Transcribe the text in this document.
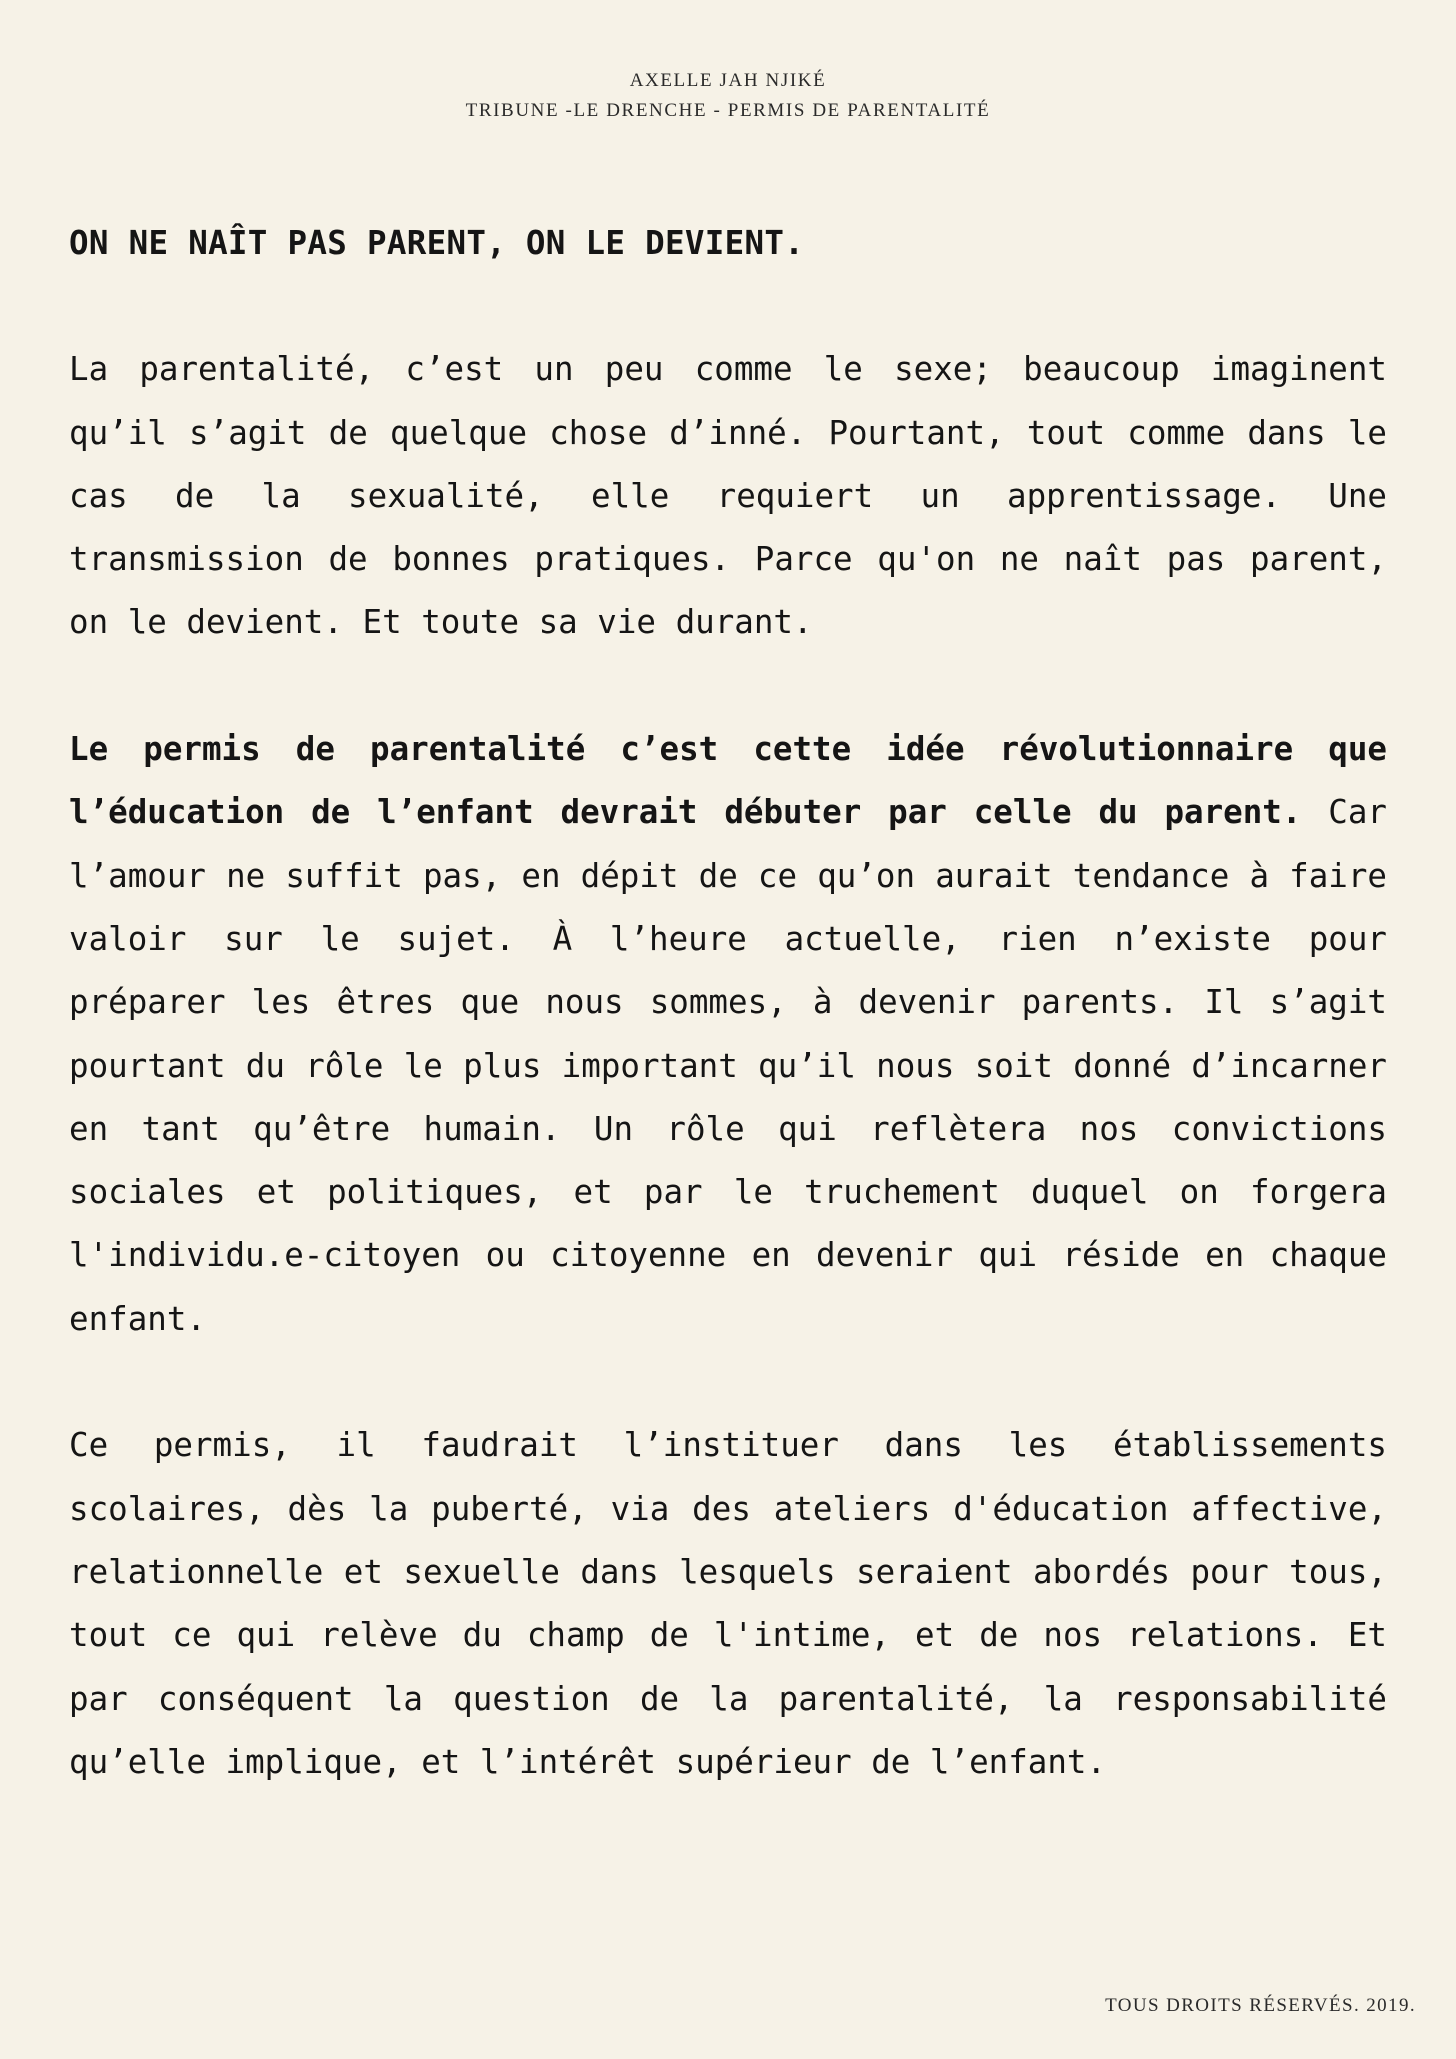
AXELLE JAH NJIKÉ
TRIBUNE -LE DRENCHE - PERMIS DE PARENTALITÉ
ON NE NAÎT PAS PARENT, ON LE DEVIENT.
La parentalité, c’est un peu comme le sexe; beaucoup imaginent qu’il s’agit de quelque chose d’inné. Pourtant, tout comme dans le cas de la sexualité, elle requiert un apprentissage. Une transmission de bonnes pratiques. Parce qu'on ne naît pas parent, on le devient. Et toute sa vie durant.
Le permis de parentalité c’est cette idée révolutionnaire que l’éducation de l’enfant devrait débuter par celle du parent. Car l’amour ne suffit pas, en dépit de ce qu’on aurait tendance à faire valoir sur le sujet. À l’heure actuelle, rien n’existe pour préparer les êtres que nous sommes, à devenir parents. Il s’agit pourtant du rôle le plus important qu’il nous soit donné d’incarner en tant qu’être humain. Un rôle qui reflètera nos convictions sociales et politiques, et par le truchement duquel on forgera l'individu.e-citoyen ou citoyenne en devenir qui réside en chaque enfant.
Ce permis, il faudrait l’instituer dans les établissements scolaires, dès la puberté, via des ateliers d'éducation affective, relationnelle et sexuelle dans lesquels seraient abordés pour tous, tout ce qui relève du champ de l'intime, et de nos relations. Et par conséquent la question de la parentalité, la responsabilité qu’elle implique, et l’intérêt supérieur de l’enfant.
TOUS DROITS RÉSERVÉS. 2019.
